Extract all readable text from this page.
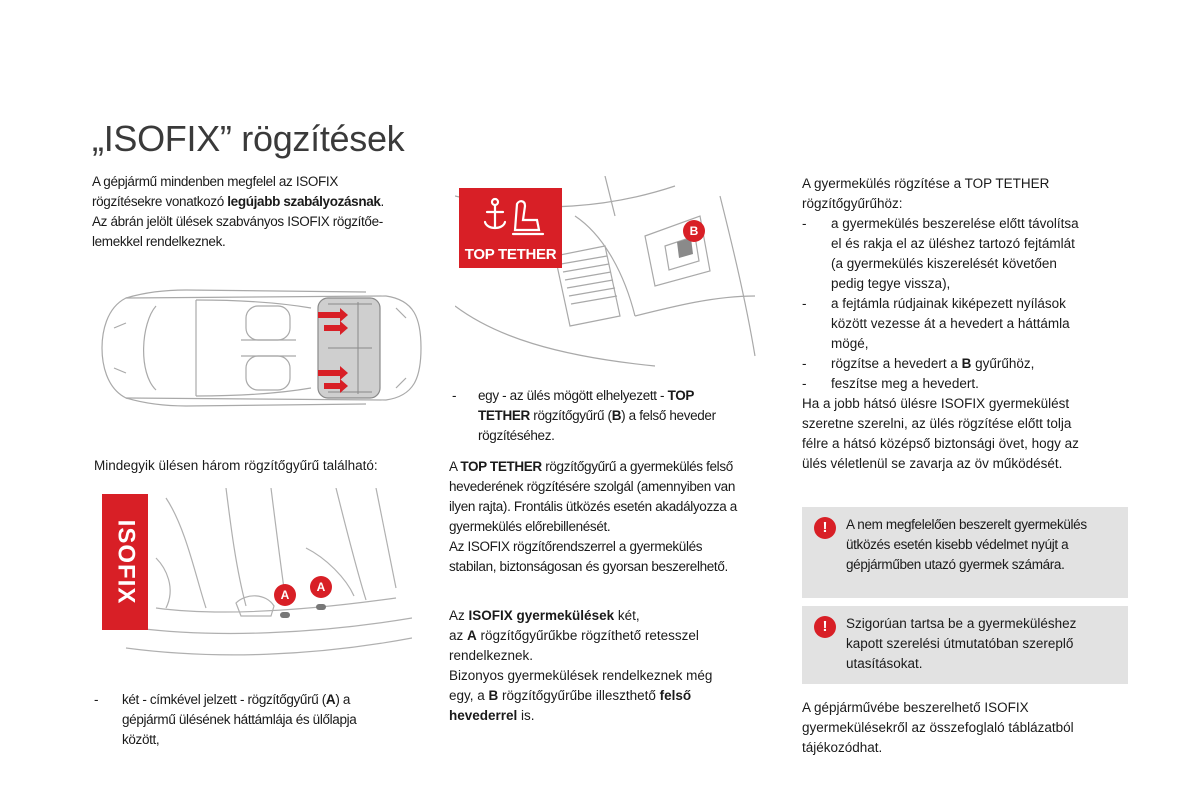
„ISOFIX” rögzítések
A gépjármű mindenben megfelel az ISOFIX
rögzítésekre vonatkozó legújabb szabályozásnak.
Az ábrán jelölt ülések szabványos ISOFIX rögzítőe-
lemekkel rendelkeznek.
Mindegyik ülésen három rögzítőgyűrű található:
ISOFIX	A
A
- két - címkével jelzett - rögzítőgyűrű (A) a
gépjármű ülésének háttámlája és ülőlapja
között,
TOP TETHER
B
- egy - az ülés mögött elhelyezett - TOP
TETHER rögzítőgyűrű (B) a felső heveder
rögzítéséhez.
A TOP TETHER rögzítőgyűrű a gyermekülés felső
hevederének rögzítésére szolgál (amennyiben van
ilyen rajta). Frontális ütközés esetén akadályozza a
gyermekülés előrebillenését.
Az ISOFIX rögzítőrendszerrel a gyermekülés
stabilan, biztonságosan és gyorsan beszerelhető.
Az ISOFIX gyermekülések két,
az A rögzítőgyűrűkbe rögzíthető retesszel
rendelkeznek.
Bizonyos gyermekülések rendelkeznek még
egy, a B rögzítőgyűrűbe illeszthető felső
hevederrel is.
A gyermekülés rögzítése a TOP TETHER
rögzítőgyűrűhöz:
- a gyermekülés beszerelése előtt távolítsa
el és rakja el az üléshez tartozó fejtámlát
(a gyermekülés kiszerelését követően
pedig tegye vissza),
- a fejtámla rúdjainak kiképezett nyílások
között vezesse át a hevedert a háttámla
mögé,
- rögzítse a hevedert a B gyűrűhöz,
- feszítse meg a hevedert.
Ha a jobb hátsó ülésre ISOFIX gyermekülést
szeretne szerelni, az ülés rögzítése előtt tolja
félre a hátsó középső biztonsági övet, hogy az
ülés véletlenül se zavarja az öv működését.
!	A nem megfelelően beszerelt gyermekülés
ütközés esetén kisebb védelmet nyújt a
gépjárműben utazó gyermek számára.
!	Szigorúan tartsa be a gyermeküléshez
kapott szerelési útmutatóban szereplő
utasításokat.
A gépjárművébe beszerelhető ISOFIX
gyermekülésekről az összefoglaló táblázatból
tájékozódhat.
